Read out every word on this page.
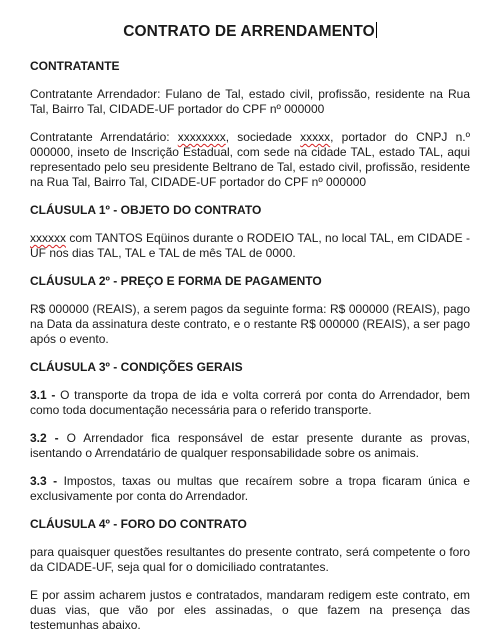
CONTRATO DE ARRENDAMENTO
CONTRATANTE

Contratante Arrendador: Fulano de Tal, estado civil, profissão, residente na Rua Tal, Bairro Tal, CIDADE-UF portador do CPF nº 000000

Contratante Arrendatário: xxxxxxxx, sociedade xxxxx, portador do CNPJ n.º 000000, inseto de Inscrição Estadual, com sede na cidade TAL, estado TAL, aqui representado pelo seu presidente Beltrano de Tal, estado civil, profissão, residente na Rua Tal, Bairro Tal, CIDADE-UF portador do CPF nº 000000

CLÁUSULA 1º - OBJETO DO CONTRATO

xxxxxx com TANTOS Eqüinos durante o RODEIO TAL, no local TAL, em CIDADE - UF nos dias TAL, TAL e TAL de mês TAL de 0000.

CLÁUSULA 2º - PREÇO E FORMA DE PAGAMENTO

R$ 000000 (REAIS), a serem pagos da seguinte forma: R$ 000000 (REAIS), pago na Data da assinatura deste contrato, e o restante R$ 000000 (REAIS), a ser pago após o evento.

CLÁUSULA 3º - CONDIÇÕES GERAIS

3.1 - O transporte da tropa de ida e volta correrá por conta do Arrendador, bem como toda documentação necessária para o referido transporte.

3.2 - O Arrendador fica responsável de estar presente durante as provas, isentando o Arrendatário de qualquer responsabilidade sobre os animais.

3.3 - Impostos, taxas ou multas que recaírem sobre a tropa ficaram única e exclusivamente por conta do Arrendador.

CLÁUSULA 4º - FORO DO CONTRATO

para quaisquer questões resultantes do presente contrato, será competente o foro da CIDADE-UF, seja qual for o domiciliado contratantes.

E por assim acharem justos e contratados, mandaram redigem este contrato, em duas vias, que vão por eles assinadas, o que fazem na presença das testemunhas abaixo.
